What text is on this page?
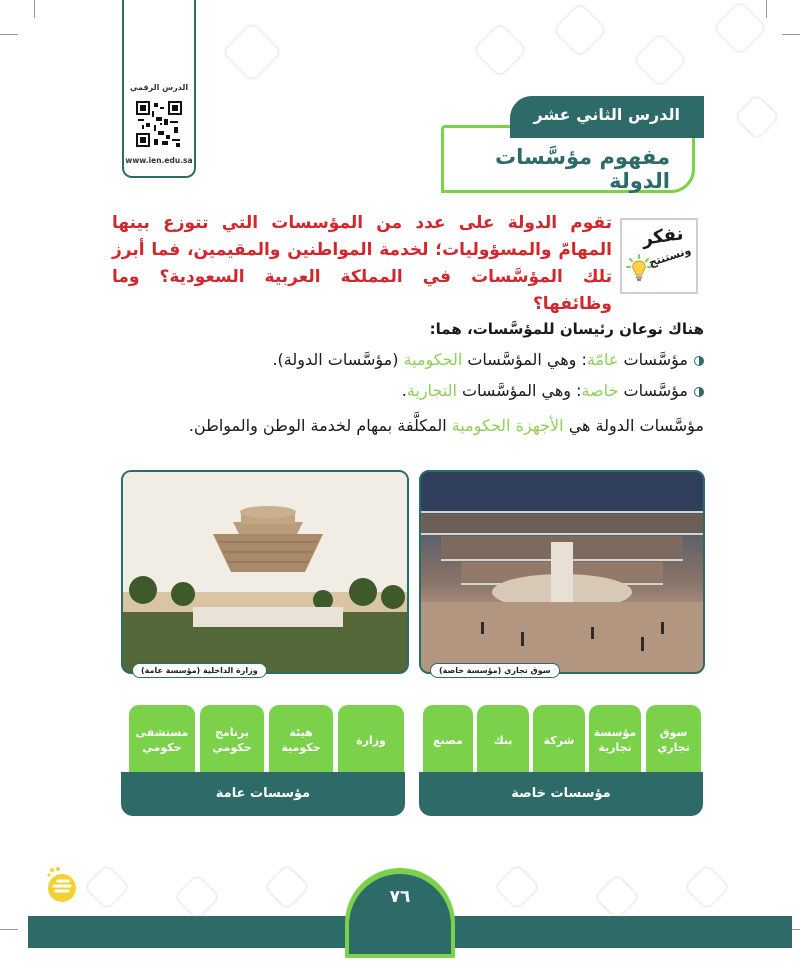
الدرس الرقمي
www.ien.edu.sa	مفهوم مؤسَّسات الدولة
الدرس الثاني عشر
نفكر
ونستنتج
تقوم الدولة على عدد من المؤسسات التي تتوزع بينها المهامّ والمسؤوليات؛ لخدمة المواطنين والمقيمين، فما أبرز تلك المؤسَّسات في المملكة العربية السعودية؟ وما وظائفها؟
هناك نوعان رئيسان للمؤسَّسات، هما:
مؤسَّسات عامّة: وهي المؤسَّسات الحكومية (مؤسَّسات الدولة).
مؤسَّسات خاصة: وهي المؤسَّسات التجارية.
مؤسَّسات الدولة هي الأجهزة الحكومية المكلَّفة بمهام لخدمة الوطن والمواطن.
سوق تجاري (مؤسسة خاصة)
وزارة الداخلية (مؤسسة عامة)
سوق تجاري
مؤسسة تجارية
شركة
بنك
مصنع
مؤسسات خاصة
وزارة
هيئة حكومية
برنامج حكومي
مستشفى حكومي
مؤسسات عامة
٧٦
